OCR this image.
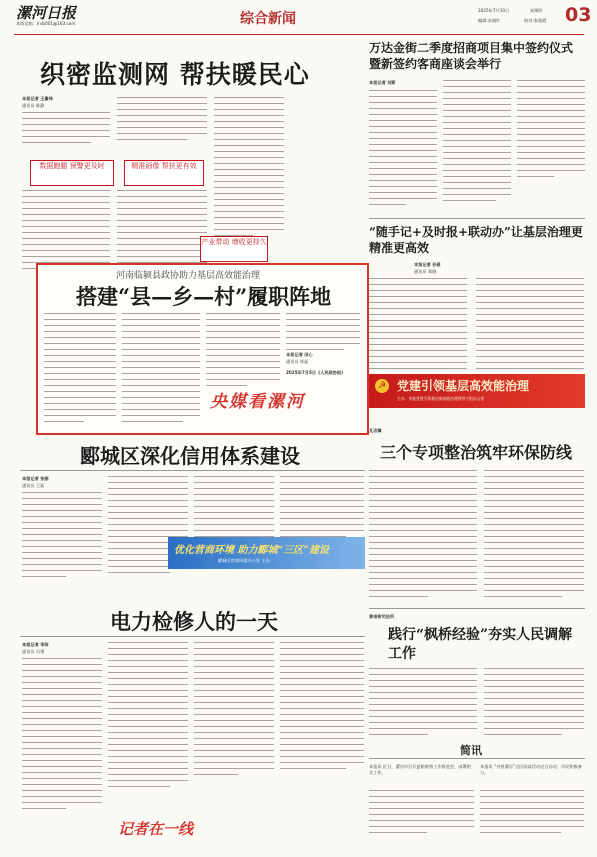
漯河日报
本版信箱：lrvb001@163.com	综合新闻
2025年7月10日	星期四
编辑:苏晓红	校对:张俊霞 03
织密监测网 帮扶暖民心
本报记者 王嘉伟
通讯员 陈静
数据跑腿 预警更及时	精准画像 帮扶更有效
产业带动 增收更持久
万达金街二季度招商项目集中签约仪式暨新签约客商座谈会举行
本报记者 刘斯
“随手记+及时报+联动办”让基层治理更精准更高效
本报记者 孙爱
通讯员 郑晓
☭ 党建引领基层高效能治理
主办：市委党建引领基层高效能治理领导小组办公室
河南临颍县政协助力基层高效能治理
搭建“县—乡—村”履职阵地
本报记者 田心
通讯员 崔磊
2025年7月5日《人民政协报》
央媒看漯河
郾城区深化信用体系建设
本报记者 张丽
通讯员 王磊
优化营商环境 助力郾城“三区”建设
郾城区营商环境办公室 主办
瓦店镇
三个专项整治筑牢环保防线
电力检修人的一天
本报记者 李沛
通讯员 冯勇
记者在一线
章帝街司法所
践行“枫桥经验”夯实人民调解工作
简讯
本报讯 近日，漯河市召开夏粮收购工作推进会，部署相关工作。
本报讯 “书香漯河”全民阅读活动近日启动，市民积极参与。
